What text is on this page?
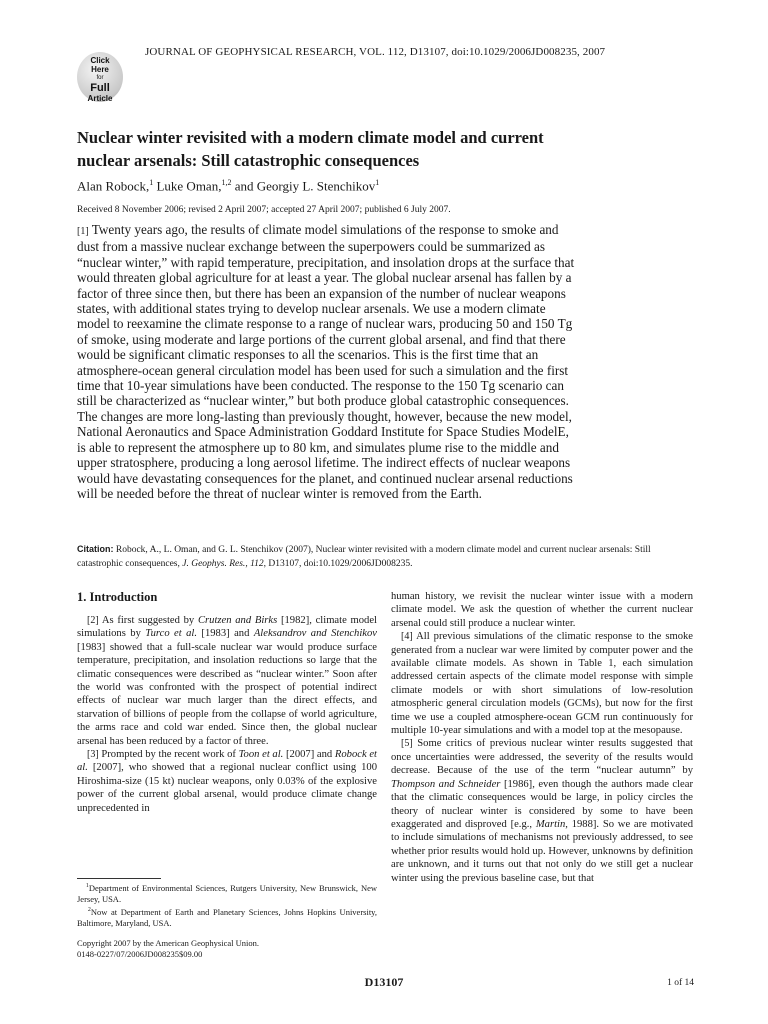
JOURNAL OF GEOPHYSICAL RESEARCH, VOL. 112, D13107, doi:10.1029/2006JD008235, 2007
Click
Here
for
Full
Article
Nuclear winter revisited with a modern climate model and current
nuclear arsenals: Still catastrophic consequences
Alan Robock,$^1$ Luke Oman,$^{1,2}$ and Georgiy L. Stenchikov$^1$
Received 8 November 2006; revised 2 April 2007; accepted 27 April 2007; published 6 July 2007.
[1] Twenty years ago, the results of climate model simulations of the response to smoke and dust from a massive nuclear exchange between the superpowers could be summarized as “nuclear winter,” with rapid temperature, precipitation, and insolation drops at the surface that would threaten global agriculture for at least a year. The global nuclear arsenal has fallen by a factor of three since then, but there has been an expansion of the number of nuclear weapons states, with additional states trying to develop nuclear arsenals. We use a modern climate model to reexamine the climate response to a range of nuclear wars, producing 50 and 150 Tg of smoke, using moderate and large portions of the current global arsenal, and find that there would be significant climatic responses to all the scenarios. This is the first time that an atmosphere-ocean general circulation model has been used for such a simulation and the first time that 10-year simulations have been conducted. The response to the 150 Tg scenario can still be characterized as “nuclear winter,” but both produce global catastrophic consequences. The changes are more long-lasting than previously thought, however, because the new model, National Aeronautics and Space Administration Goddard Institute for Space Studies ModelE, is able to represent the atmosphere up to 80 km, and simulates plume rise to the middle and upper stratosphere, producing a long aerosol lifetime. The indirect effects of nuclear weapons would have devastating consequences for the planet, and continued nuclear arsenal reductions will be needed before the threat of nuclear winter is removed from the Earth.
Citation: Robock, A., L. Oman, and G. L. Stenchikov (2007), Nuclear winter revisited with a modern climate model and current nuclear arsenals: Still catastrophic consequences, J. Geophys. Res., 112, D13107, doi:10.1029/2006JD008235.
1. Introduction

[2] As first suggested by Crutzen and Birks [1982], climate model simulations by Turco et al. [1983] and Aleksandrov and Stenchikov [1983] showed that a full-scale nuclear war would produce surface temperature, precipitation, and insolation reductions so large that the climatic consequences were described as “nuclear winter.” Soon after the world was confronted with the prospect of potential indirect effects of nuclear war much larger than the direct effects, and starvation of billions of people from the collapse of world agriculture, the arms race and cold war ended. Since then, the global nuclear arsenal has been reduced by a factor of three.

[3] Prompted by the recent work of Toon et al. [2007] and Robock et al. [2007], who showed that a regional nuclear conflict using 100 Hiroshima-size (15 kt) nuclear weapons, only 0.03% of the explosive power of the current global arsenal, would produce climate change unprecedented in

human history, we revisit the nuclear winter issue with a modern climate model. We ask the question of whether the current nuclear arsenal could still produce a nuclear winter.

[4] All previous simulations of the climatic response to the smoke generated from a nuclear war were limited by computer power and the available climate models. As shown in Table 1, each simulation addressed certain aspects of the climate model response with simple climate models or with short simulations of low-resolution atmospheric general circulation models (GCMs), but now for the first time we use a coupled atmosphere-ocean GCM run continuously for multiple 10-year simulations and with a model top at the mesopause.

[5] Some critics of previous nuclear winter results suggested that once uncertainties were addressed, the severity of the results would decrease. Because of the use of the term “nuclear autumn” by Thompson and Schneider [1986], even though the authors made clear that the climatic consequences would be large, in policy circles the theory of nuclear winter is considered by some to have been exaggerated and disproved [e.g., Martin, 1988]. So we are motivated to include simulations of mechanisms not previously addressed, to see whether prior results would hold up. However, unknowns by definition are unknown, and it turns out that not only do we still get a nuclear winter using the previous baseline case, but that

$^1$Department of Environmental Sciences, Rutgers University, New Brunswick, New Jersey, USA.
$^2$Now at Department of Earth and Planetary Sciences, Johns Hopkins University, Baltimore, Maryland, USA.
Copyright 2007 by the American Geophysical Union.
0148-0227/07/2006JD008235$09.00
D13107	1 of 14
